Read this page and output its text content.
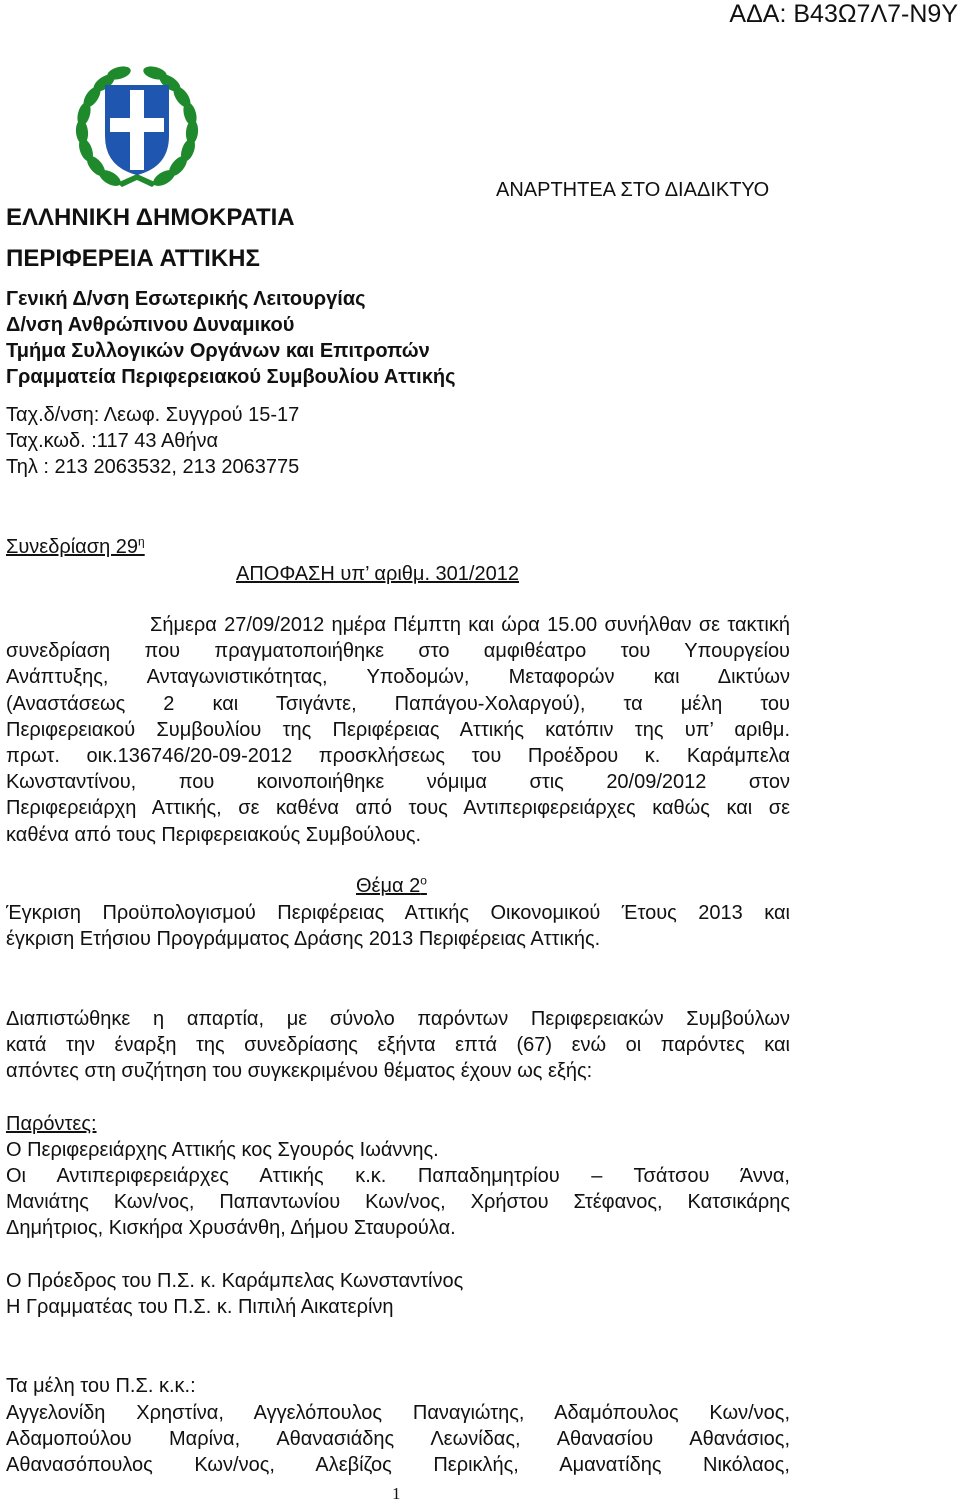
ΑΔΑ: Β43Ω7Λ7-Ν9Υ
ΑΝΑΡΤΗΤΕΑ ΣΤΟ ΔΙΑΔΙΚΤΥΟ
ΕΛΛΗΝΙΚΗ ΔΗΜΟΚΡΑΤΙΑ
ΠΕΡΙΦΕΡΕΙΑ ΑΤΤΙΚΗΣ
Γενική Δ/νση Εσωτερικής Λειτουργίας
Δ/νση Ανθρώπινου Δυναμικού
Τμήμα Συλλογικών Οργάνων και Επιτροπών
Γραμματεία Περιφερειακού Συμβουλίου Αττικής
Ταχ.δ/νση: Λεωφ. Συγγρού 15-17
Ταχ.κωδ. :117 43 Αθήνα
Τηλ : 213 2063532, 213 2063775
Συνεδρίαση $29^\eta$
ΑΠΟΦΑΣΗ υπ’ αριθμ. 301/2012
Σήμερα 27/09/2012 ημέρα Πέμπτη και ώρα 15.00 συνήλθαν σε τακτική
συνεδρίαση που πραγματοποιήθηκε στο αμφιθέατρο του Υπουργείου
Ανάπτυξης, Ανταγωνιστικότητας, Υποδομών, Μεταφορών και Δικτύων
(Αναστάσεως 2 και Τσιγάντε, Παπάγου-Χολαργού), τα μέλη του
Περιφερειακού Συμβουλίου της Περιφέρειας Αττικής κατόπιν της υπ’ αριθμ.
πρωτ. οικ.136746/20-09-2012 προσκλήσεως του Προέδρου κ. Καράμπελα
Κωνσταντίνου, που κοινοποιήθηκε νόμιμα στις 20/09/2012 στον
Περιφερειάρχη Αττικής, σε καθένα από τους Αντιπεριφερειάρχες καθώς και σε
καθένα από τους Περιφερειακούς Συμβούλους.
Θέμα $2^o$
Έγκριση Προϋπολογισμού Περιφέρειας Αττικής Οικονομικού Έτους 2013 και
έγκριση Ετήσιου Προγράμματος Δράσης 2013 Περιφέρειας Αττικής.
Διαπιστώθηκε η απαρτία, με σύνολο παρόντων Περιφερειακών Συμβούλων
κατά την έναρξη της συνεδρίασης εξήντα επτά (67) ενώ οι παρόντες και
απόντες στη συζήτηση του συγκεκριμένου θέματος έχουν ως εξής:
Παρόντες:
Ο Περιφερειάρχης Αττικής κος Σγουρός Ιωάννης.
Οι Αντιπεριφερειάρχες Αττικής κ.κ. Παπαδημητρίου – Τσάτσου Άννα,
Μανιάτης Κων/νος, Παπαντωνίου Κων/νος, Χρήστου Στέφανος, Κατσικάρης
Δημήτριος, Κισκήρα Χρυσάνθη, Δήμου Σταυρούλα.
Ο Πρόεδρος του Π.Σ. κ. Καράμπελας Κωνσταντίνος
Η Γραμματέας του Π.Σ. κ. Πιπιλή Αικατερίνη
Τα μέλη του Π.Σ. κ.κ.:
Αγγελονίδη Χρηστίνα, Αγγελόπουλος Παναγιώτης, Αδαμόπουλος Κων/νος,
Αδαμοπούλου Μαρίνα, Αθανασιάδης Λεωνίδας, Αθανασίου Αθανάσιος,
Αθανασόπουλος Κων/νος, Αλεβίζος Περικλής, Αμανατίδης Νικόλαος,
1
